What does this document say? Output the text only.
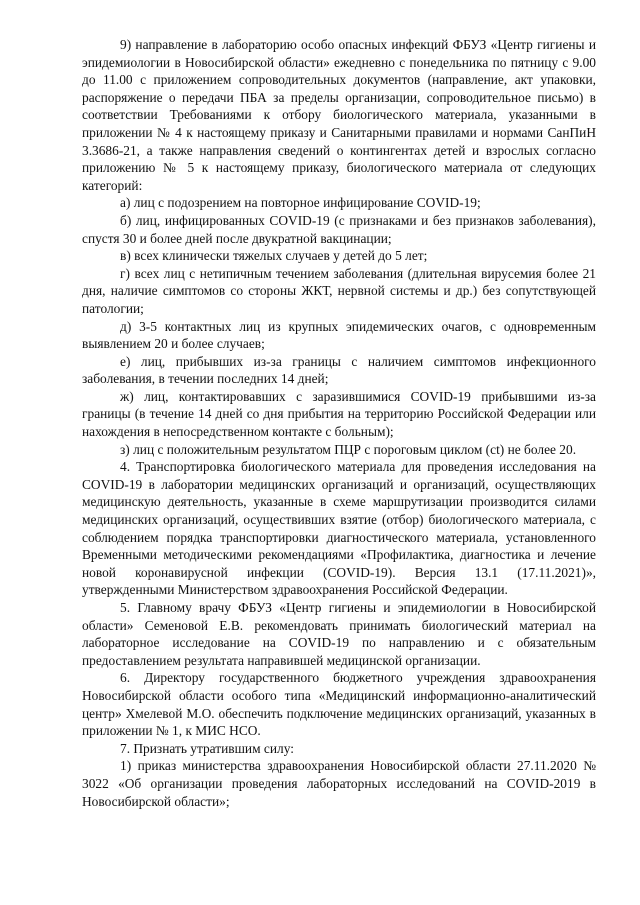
9) направление в лабораторию особо опасных инфекций ФБУЗ «Центр гигиены и эпидемиологии в Новосибирской области» ежедневно с понедельника по пятницу с 9.00 до 11.00 с приложением сопроводительных документов (направление, акт упаковки, распоряжение о передачи ПБА за пределы организации, сопроводительное письмо) в соответствии Требованиями к отбору биологического материала, указанными в приложении № 4 к настоящему приказу и Санитарными правилами и нормами СанПиН 3.3686-21, а также направления сведений о контингентах детей и взрослых согласно приложению № 5 к настоящему приказу, биологического материала от следующих категорий:

а) лиц с подозрением на повторное инфицирование COVID-19;

б) лиц, инфицированных COVID-19 (с признаками и без признаков заболевания), спустя 30 и более дней после двукратной вакцинации;

в) всех клинически тяжелых случаев у детей до 5 лет;

г) всех лиц с нетипичным течением заболевания (длительная вирусемия более 21 дня, наличие симптомов со стороны ЖКТ, нервной системы и др.) без сопутствующей патологии;

д) 3-5 контактных лиц из крупных эпидемических очагов, с одновременным выявлением 20 и более случаев;

е) лиц, прибывших из-за границы с наличием симптомов инфекционного заболевания, в течении последних 14 дней;

ж) лиц, контактировавших с заразившимися COVID-19 прибывшими из-за границы (в течение 14 дней со дня прибытия на территорию Российской Федерации или нахождения в непосредственном контакте с больным);

з) лиц с положительным результатом ПЦР с пороговым циклом (ct) не более 20.

4. Транспортировка биологического материала для проведения исследования на COVID-19 в лаборатории медицинских организаций и организаций, осуществляющих медицинскую деятельность, указанные в схеме маршрутизации производится силами медицинских организаций, осуществивших взятие (отбор) биологического материала, с соблюдением порядка транспортировки диагностического материала, установленного Временными методическими рекомендациями «Профилактика, диагностика и лечение новой коронавирусной инфекции (COVID-19). Версия 13.1 (17.11.2021)», утвержденными Министерством здравоохранения Российской Федерации.

5. Главному врачу ФБУЗ «Центр гигиены и эпидемиологии в Новосибирской области» Семеновой Е.В. рекомендовать принимать биологический материал на лабораторное исследование на COVID-19 по направлению и с обязательным предоставлением результата направившей медицинской организации.

6. Директору государственного бюджетного учреждения здравоохранения Новосибирской области особого типа «Медицинский информационно-аналитический центр» Хмелевой М.О. обеспечить подключение медицинских организаций, указанных в приложении № 1, к МИС НСО.

7. Признать утратившим силу:

1) приказ министерства здравоохранения Новосибирской области 27.11.2020 № 3022 «Об организации проведения лабораторных исследований на COVID-2019 в Новосибирской области»;
